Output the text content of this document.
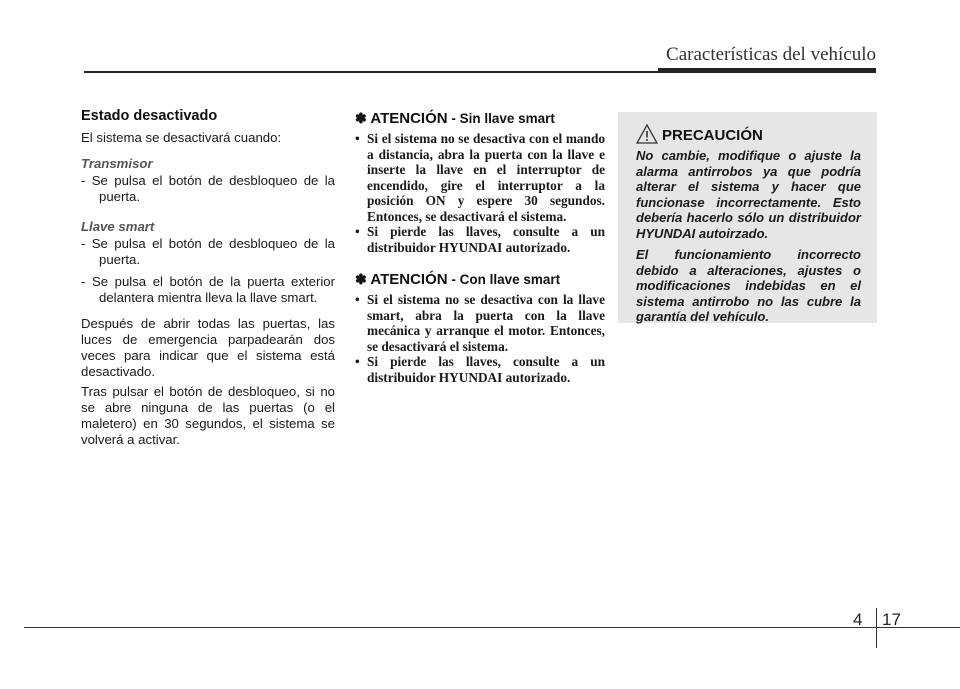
Características del vehículo
Estado desactivado

El sistema se desactivará cuando:

Transmisor

- Se pulsa el botón de desbloqueo de la puerta.

Llave smart

- Se pulsa el botón de desbloqueo de la puerta.

- Se pulsa el botón de la puerta exterior delantera mientra lleva la llave smart.

Después de abrir todas las puertas, las luces de emergencia parpadearán dos veces para indicar que el sistema está desactivado.

Tras pulsar el botón de desbloqueo, si no se abre ninguna de las puertas (o el maletero) en 30 segundos, el sistema se volverá a activar.

✽ ATENCIÓN - Sin llave smart

• Si el sistema no se desactiva con el mando a distancia, abra la puerta con la llave e inserte la llave en el interruptor de encendido, gire el interruptor a la posición ON y espere 30 segundos. Entonces, se desactivará el sistema.

• Si pierde las llaves, consulte a un distribuidor HYUNDAI autorizado.

✽ ATENCIÓN - Con llave smart

• Si el sistema no se desactiva con la llave smart, abra la puerta con la llave mecánica y arranque el motor. Entonces, se desactivará el sistema.

• Si pierde las llaves, consulte a un distribuidor HYUNDAI autorizado.

PRECAUCIÓN

No cambie, modifique o ajuste la alarma antirrobos ya que podría alterar el sistema y hacer que funcionase incorrectamente. Esto debería hacerlo sólo un distribuidor HYUNDAI autoirzado.

El funcionamiento incorrecto debido a alteraciones, ajustes o modificaciones indebidas en el sistema antirrobo no las cubre la garantía del vehículo.

4 17
